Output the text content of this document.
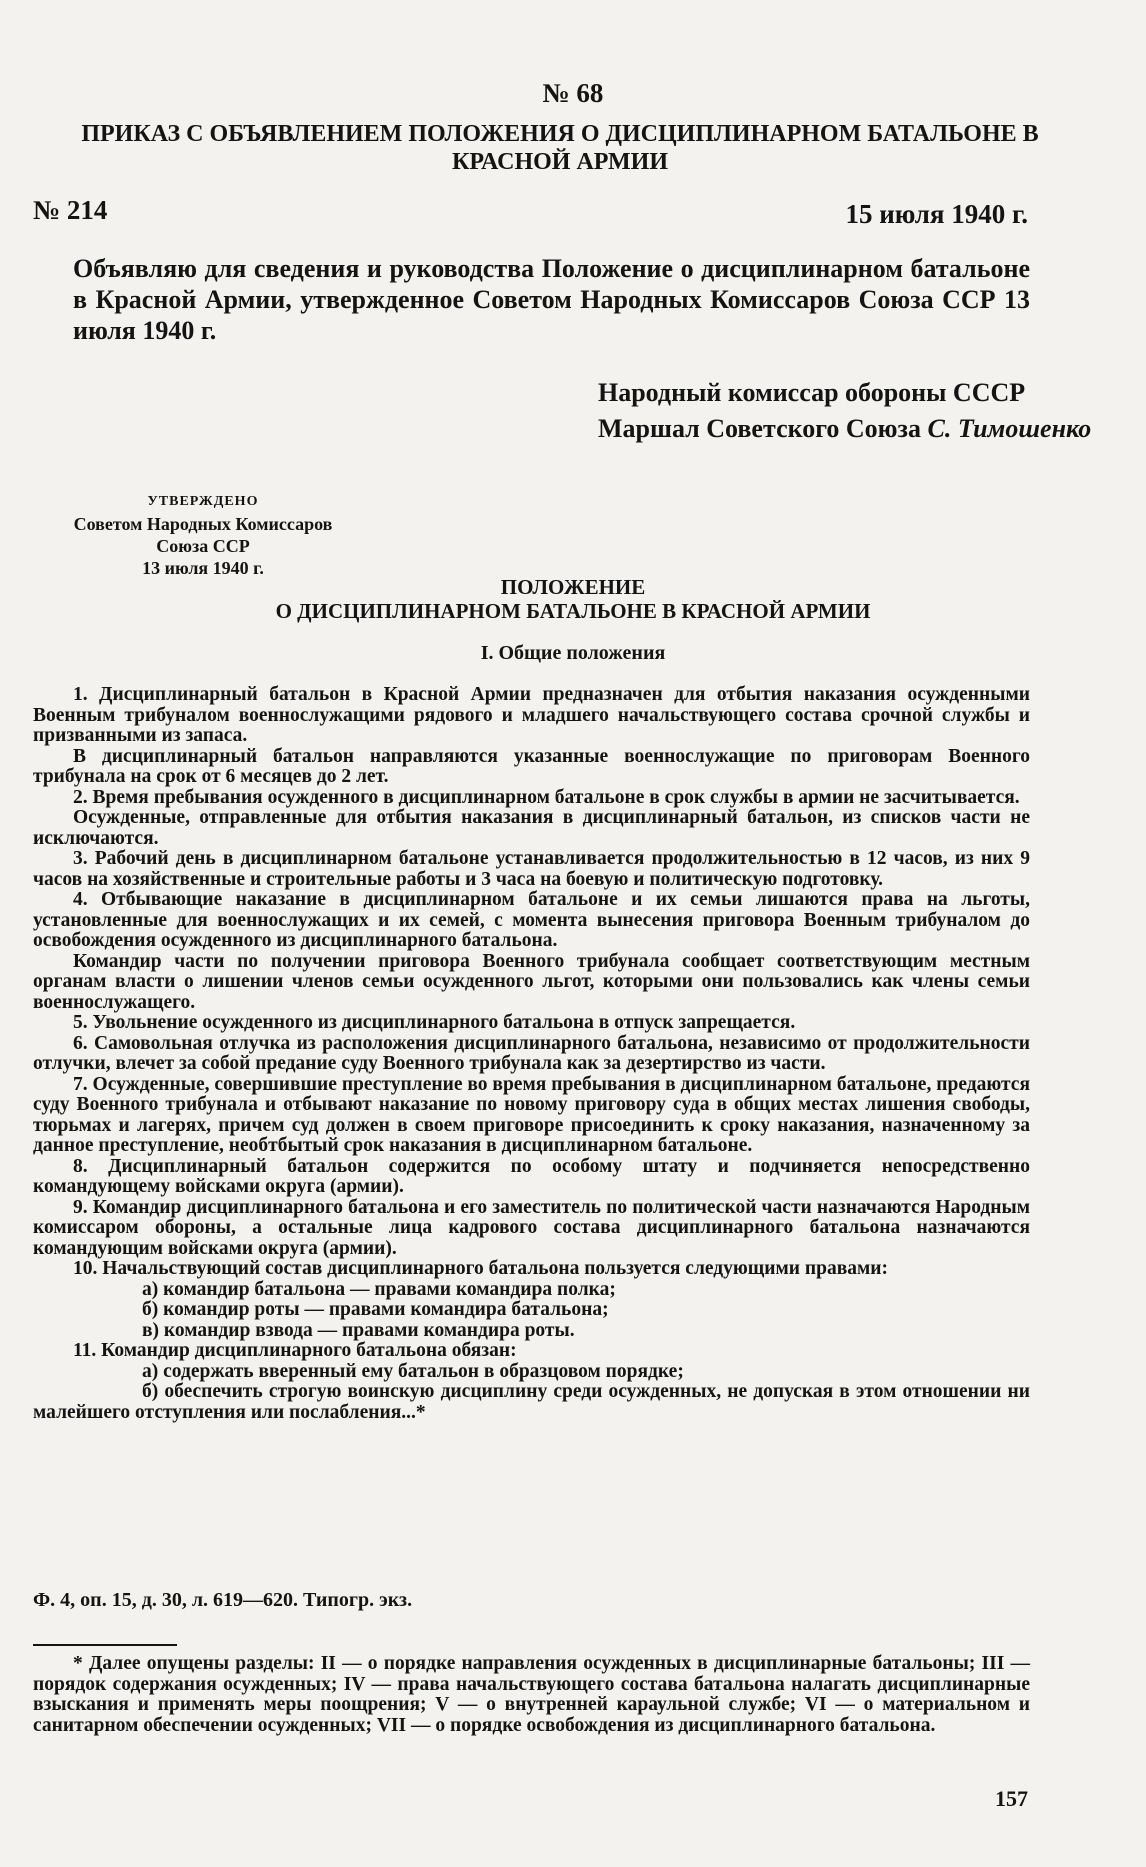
№ 68
ПРИКАЗ С ОБЪЯВЛЕНИЕМ ПОЛОЖЕНИЯ О ДИСЦИПЛИНАРНОМ БАТАЛЬОНЕ В КРАСНОЙ АРМИИ
№ 214	15 июля 1940 г.
Объявляю для сведения и руководства Положение о дисциплинарном батальоне в Красной Армии, утвержденное Советом Народных Комиссаров Союза ССР 13 июля 1940 г.
Народный комиссар обороны СССР
Маршал Советского Союза С. Тимошенко
УТВЕРЖДЕНО
Советом Народных Комиссаров
Союза ССР
13 июля 1940 г.
ПОЛОЖЕНИЕ
О ДИСЦИПЛИНАРНОМ БАТАЛЬОНЕ В КРАСНОЙ АРМИИ
I. Общие положения

1. Дисциплинарный батальон в Красной Армии предназначен для отбытия наказания осужденными Военным трибуналом военнослужащими рядового и младшего начальствующего состава срочной службы и призванными из запаса.

В дисциплинарный батальон направляются указанные военнослужащие по приговорам Военного трибунала на срок от 6 месяцев до 2 лет.

2. Время пребывания осужденного в дисциплинарном батальоне в срок службы в армии не засчитывается.

Осужденные, отправленные для отбытия наказания в дисциплинарный батальон, из списков части не исключаются.

3. Рабочий день в дисциплинарном батальоне устанавливается продолжительностью в 12 часов, из них 9 часов на хозяйственные и строительные работы и 3 часа на боевую и политическую подготовку.

4. Отбывающие наказание в дисциплинарном батальоне и их семьи лишаются права на льготы, установленные для военнослужащих и их семей, с момента вынесения приговора Военным трибуналом до освобождения осужденного из дисциплинарного батальона.

Командир части по получении приговора Военного трибунала сообщает соответствующим местным органам власти о лишении членов семьи осужденного льгот, которыми они пользовались как члены семьи военнослужащего.

5. Увольнение осужденного из дисциплинарного батальона в отпуск запрещается.

6. Самовольная отлучка из расположения дисциплинарного батальона, независимо от продолжительности отлучки, влечет за собой предание суду Военного трибунала как за дезертирство из части.

7. Осужденные, совершившие преступление во время пребывания в дисциплинарном батальоне, предаются суду Военного трибунала и отбывают наказание по новому приговору суда в общих местах лишения свободы, тюрьмах и лагерях, причем суд должен в своем приговоре присоединить к сроку наказания, назначенному за данное преступление, необтбытый срок наказания в дисциплинарном батальоне.

8. Дисциплинарный батальон содержится по особому штату и подчиняется непосредственно командующему войсками округа (армии).

9. Командир дисциплинарного батальона и его заместитель по политической части назначаются Народным комиссаром обороны, а остальные лица кадрового состава дисциплинарного батальона назначаются командующим войсками округа (армии).

10. Начальствующий состав дисциплинарного батальона пользуется следующими правами:

а) командир батальона — правами командира полка;

б) командир роты — правами командира батальона;

в) командир взвода — правами командира роты.

11. Командир дисциплинарного батальона обязан:

а) содержать вверенный ему батальон в образцовом порядке;

б) обеспечить строгую воинскую дисциплину среди осужденных, не допуская в этом отношении ни малейшего отступления или послабления...*

Ф. 4, оп. 15, д. 30, л. 619—620. Типогр. экз.
* Далее опущены разделы: II — о порядке направления осужденных в дисциплинарные батальоны; III — порядок содержания осужденных; IV — права начальствующего состава батальона налагать дисциплинарные взыскания и применять меры поощрения; V — о внутренней караульной службе; VI — о материальном и санитарном обеспечении осужденных; VII — о порядке освобождения из дисциплинарного батальона.
157
